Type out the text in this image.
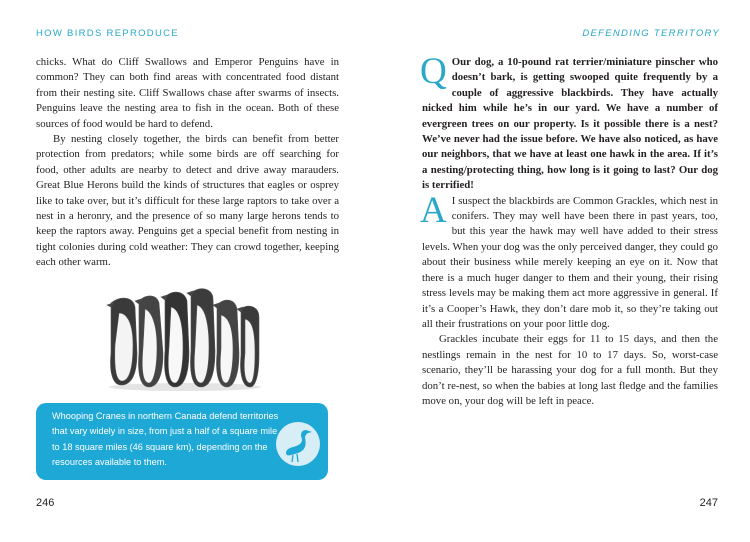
HOW BIRDS REPRODUCE

chicks. What do Cliff Swallows and Emperor Penguins have in common? They can both find areas with concentrated food distant from their nesting site. Cliff Swallows chase after swarms of insects. Penguins leave the nesting area to fish in the ocean. Both of these sources of food would be hard to defend.

By nesting closely together, the birds can benefit from better protection from predators; while some birds are off searching for food, other adults are nearby to detect and drive away marauders. Great Blue Herons build the kinds of structures that eagles or osprey like to take over, but it’s difficult for these large raptors to take over a nest in a heronry, and the presence of so many large herons tends to keep the raptors away. Penguins get a special benefit from nesting in tight colonies during cold weather: They can crowd together, keeping each other warm.

Whooping Cranes in northern Canada defend territories that vary widely in size, from just a half of a square mile to 18 square miles (46 square km), depending on the resources available to them.
246
DEFENDING TERRITORY

Q Our dog, a 10-pound rat terrier/miniature pinscher who doesn’t bark, is getting swooped quite frequently by a couple of aggressive blackbirds. They have actually nicked him while he’s in our yard. We have a number of evergreen trees on our property. Is it possible there is a nest? We’ve never had the issue before. We have also noticed, as have our neighbors, that we have at least one hawk in the area. If it’s a nesting/protecting thing, how long is it going to last? Our dog is terrified!

A I suspect the blackbirds are Common Grackles, which nest in conifers. They may well have been there in past years, too, but this year the hawk may well have added to their stress levels. When your dog was the only perceived danger, they could go about their business while merely keeping an eye on it. Now that there is a much huger danger to them and their young, their rising stress levels may be making them act more aggressive in general. If it’s a Cooper’s Hawk, they don’t dare mob it, so they’re taking out all their frustrations on your poor little dog.

Grackles incubate their eggs for 11 to 15 days, and then the nestlings remain in the nest for 10 to 17 days. So, worst-case scenario, they’ll be harassing your dog for a full month. But they don’t re-nest, so when the babies at long last fledge and the families move on, your dog will be left in peace.

247
